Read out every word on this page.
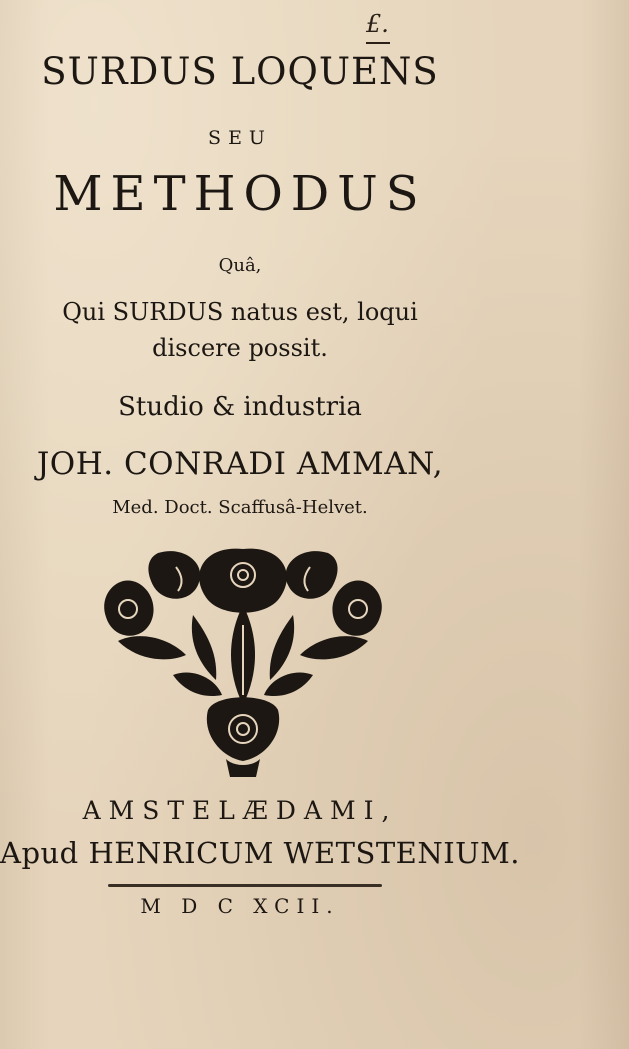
£.
SURDUS LOQUENS
SEU
METHODUS
Quâ,
Qui SURDUS natus est, loqui
discere possit.
Studio & industria
JOH. CONRADI AMMAN,
Med. Doct. Scaffusâ-Helvet.
AMSTELÆDAMI,
Apud HENRICUM WETSTENIUM.
M D C XCII.
